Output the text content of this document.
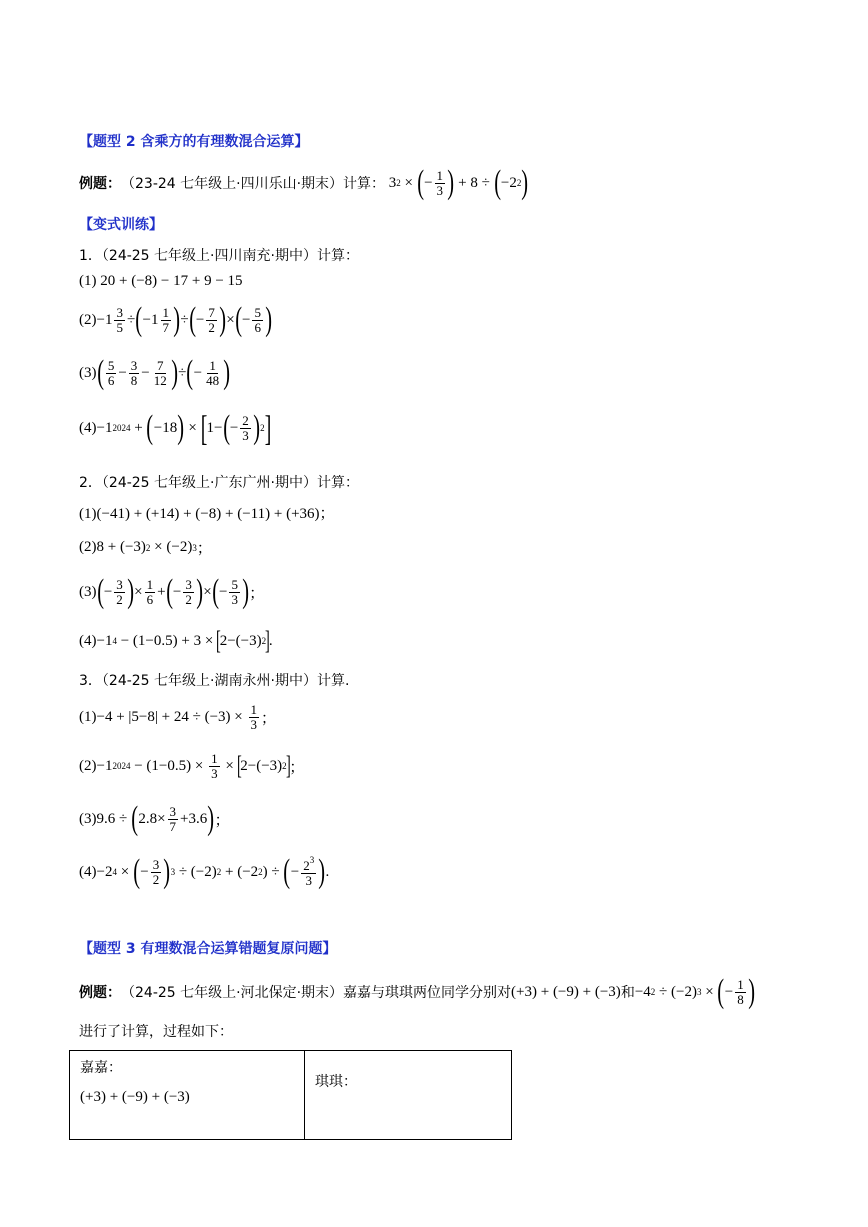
【题型 2 含乘方的有理数混合运算】
例题： （23-24 七年级上·四川乐山·期末）计算： 3 2 × ( − $\frac{1}{3}$ ) + 8 ÷ ( −2 2 )
【变式训练】
1．（24-25 七年级上·四川南充·期中）计算：
(1) 20 + (−8) − 17 + 9 − 15
$(2) -1 \frac{3}{5}$ ÷ ( $-1 \frac{1}{7}$ ) ÷ ( − $\frac{7}{2}$ ) × ( − $\frac{5}{6}$ )
(3) ( $\frac{5}{6} - \frac{3}{8} - \frac{7}{12}$ ) ÷ ( − $\frac{1}{48}$ )
(4) −1 2024 + ( −18 ) × [ 1− ( − $\frac{2}{3}$ ) 2 ]
2．（24-25 七年级上·广东广州·期中）计算：
(1)(−41) + (+14) + (−8) + (−11) + (+36)；
(2) 8 + (−3) 2 × (−2) 3 ；
(3) ( − $\frac{3}{2}$ ) × $\frac{1}{6}$ + ( − $\frac{3}{2}$ ) × ( − $\frac{5}{3}$ ) ；
(4) −1 4 − (1−0.5) + 3 ×
[
2−(−3) 2
]
.
3．（24-25 七年级上·湖南永州·期中）计算.
$(1) -4 + |5-8| + 24 \div (-3) \times \frac{1}{3}$ ；
(2) −1 $2024 - (1-0.5) \times \frac{1}{3}$ ×
[
2−(−3) 2
]
；
(3) 9.6 ÷ ( $2.8\times \frac{3}{7} +3.6$ ) ；
(4) −2 4 × ( − $\frac{3}{2}$ ) 3 ÷ (−2) 2 + (−2 2 ) ÷ ( − $\frac{2^3}{3}$ ) .
【题型 3 有理数混合运算错题复原问题】
例题： （24-25 七年级上·河北保定·期末）嘉嘉与琪琪两位同学分别对 (+3) + (−9) + (−3) 和 −4 2 ÷ (−2) 3 × ( − $\frac{1}{8}$ )
进行了计算，过程如下：
嘉嘉：
(+3) + (−9) + (−3)	
琪琪：
